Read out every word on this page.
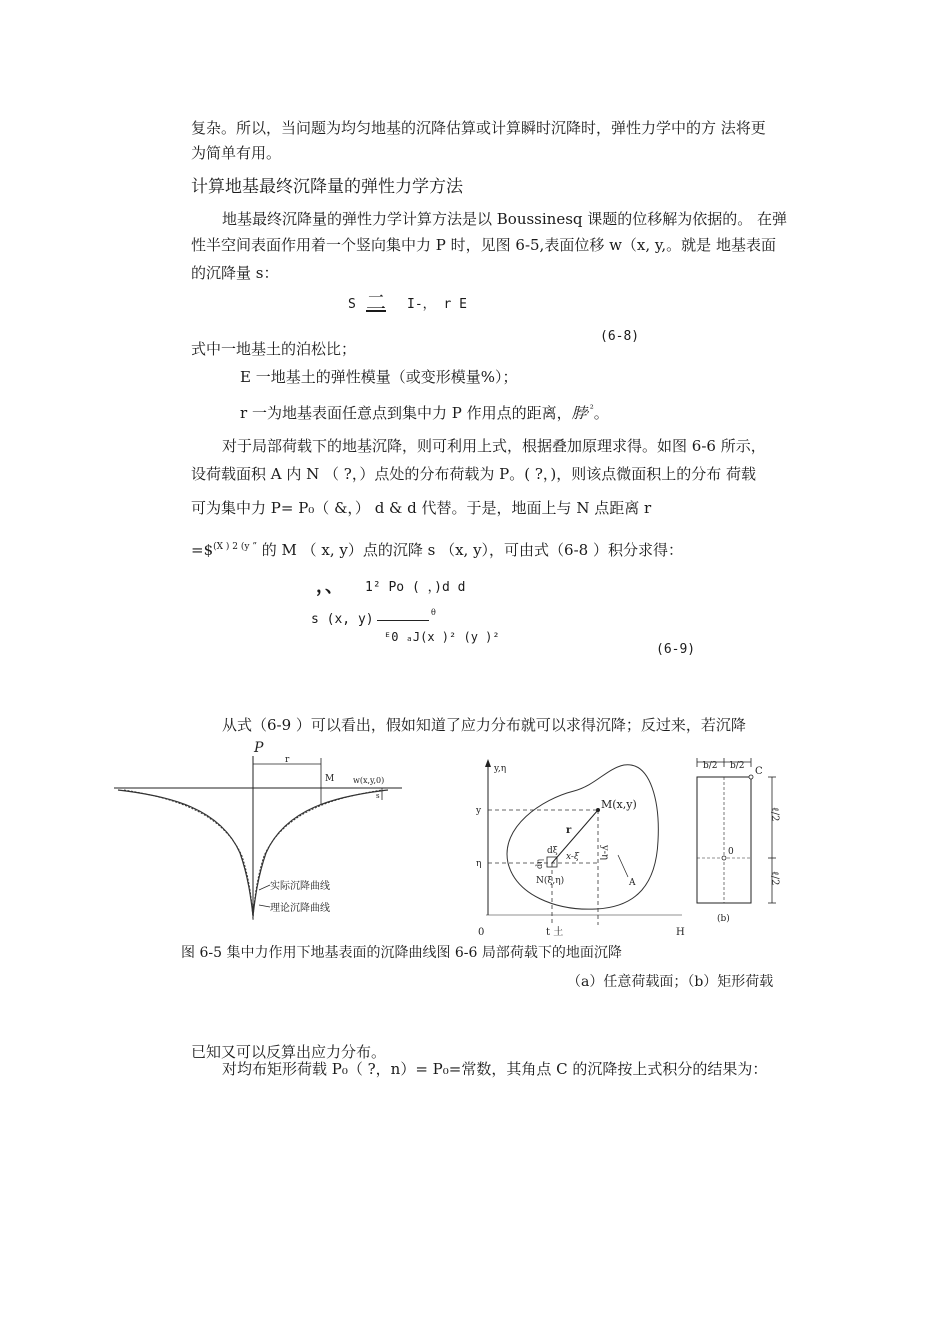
复杂。所以，当问题为均匀地基的沉降估算或计算瞬时沉降时，弹性力学中的方 法将更
为简单有用。
计算地基最终沉降量的弹性力学方法
地基最终沉降量的弹性力学计算方法是以 Boussinesq 课题的位移解为依据的。 在弹
性半空间表面作用着一个竖向集中力 P 时，见图 6-5,表面位移 w（x, y,。就是 地基表面
的沉降量 s：
S 二 I-， r E
(6-8)
式中一地基土的泊松比；
E 一地基土的弹性模量（或变形模量%）；
r 一为地基表面任意点到集中力 P 作用点的距离，脖$^{,^2}$。
对于局部荷载下的地基沉降，则可利用上式，根据叠加原理求得。如图 6-6 所示，
设荷载面积 A 内 N （ ?，）点处的分布荷载为 P。( ?，)，则该点微面积上的分布 荷载
可为集中力 P= P₀（ &，） d & d 代替。于是，地面上与 N 点距离 r
=\$$^{(X ) 2 (y ”}$ 的 M （ x, y）点的沉降 s （x, y），可由式（6-8 ）积分求得：
，、 1² Po ( ，)d d
s (x, y)	θ
ᴱ0 ₐJ(x )² (y )²
(6-9)
从式（6-9 ）可以看出，假如知道了应力分布就可以求得沉降；反过来，若沉降
P
r
M w(x,y,0)
s
实际沉降曲线
理论沉降曲线
y,η
y
η
M(x,y)
r
y-η
dξ
dη
x-ξ
N(ξ,η)	A
0	t 土	H
b/2 b/2 C
0
ℓ/2
ℓ/2
(b)
图 6-5 集中力作用下地基表面的沉降曲线图 6-6 局部荷载下的地面沉降
（a）任意荷载面；（b）矩形荷载
已知又可以反算出应力分布。
对均布矩形荷载 P₀（ ?，n）= P₀=常数，其角点 C 的沉降按上式积分的结果为：
